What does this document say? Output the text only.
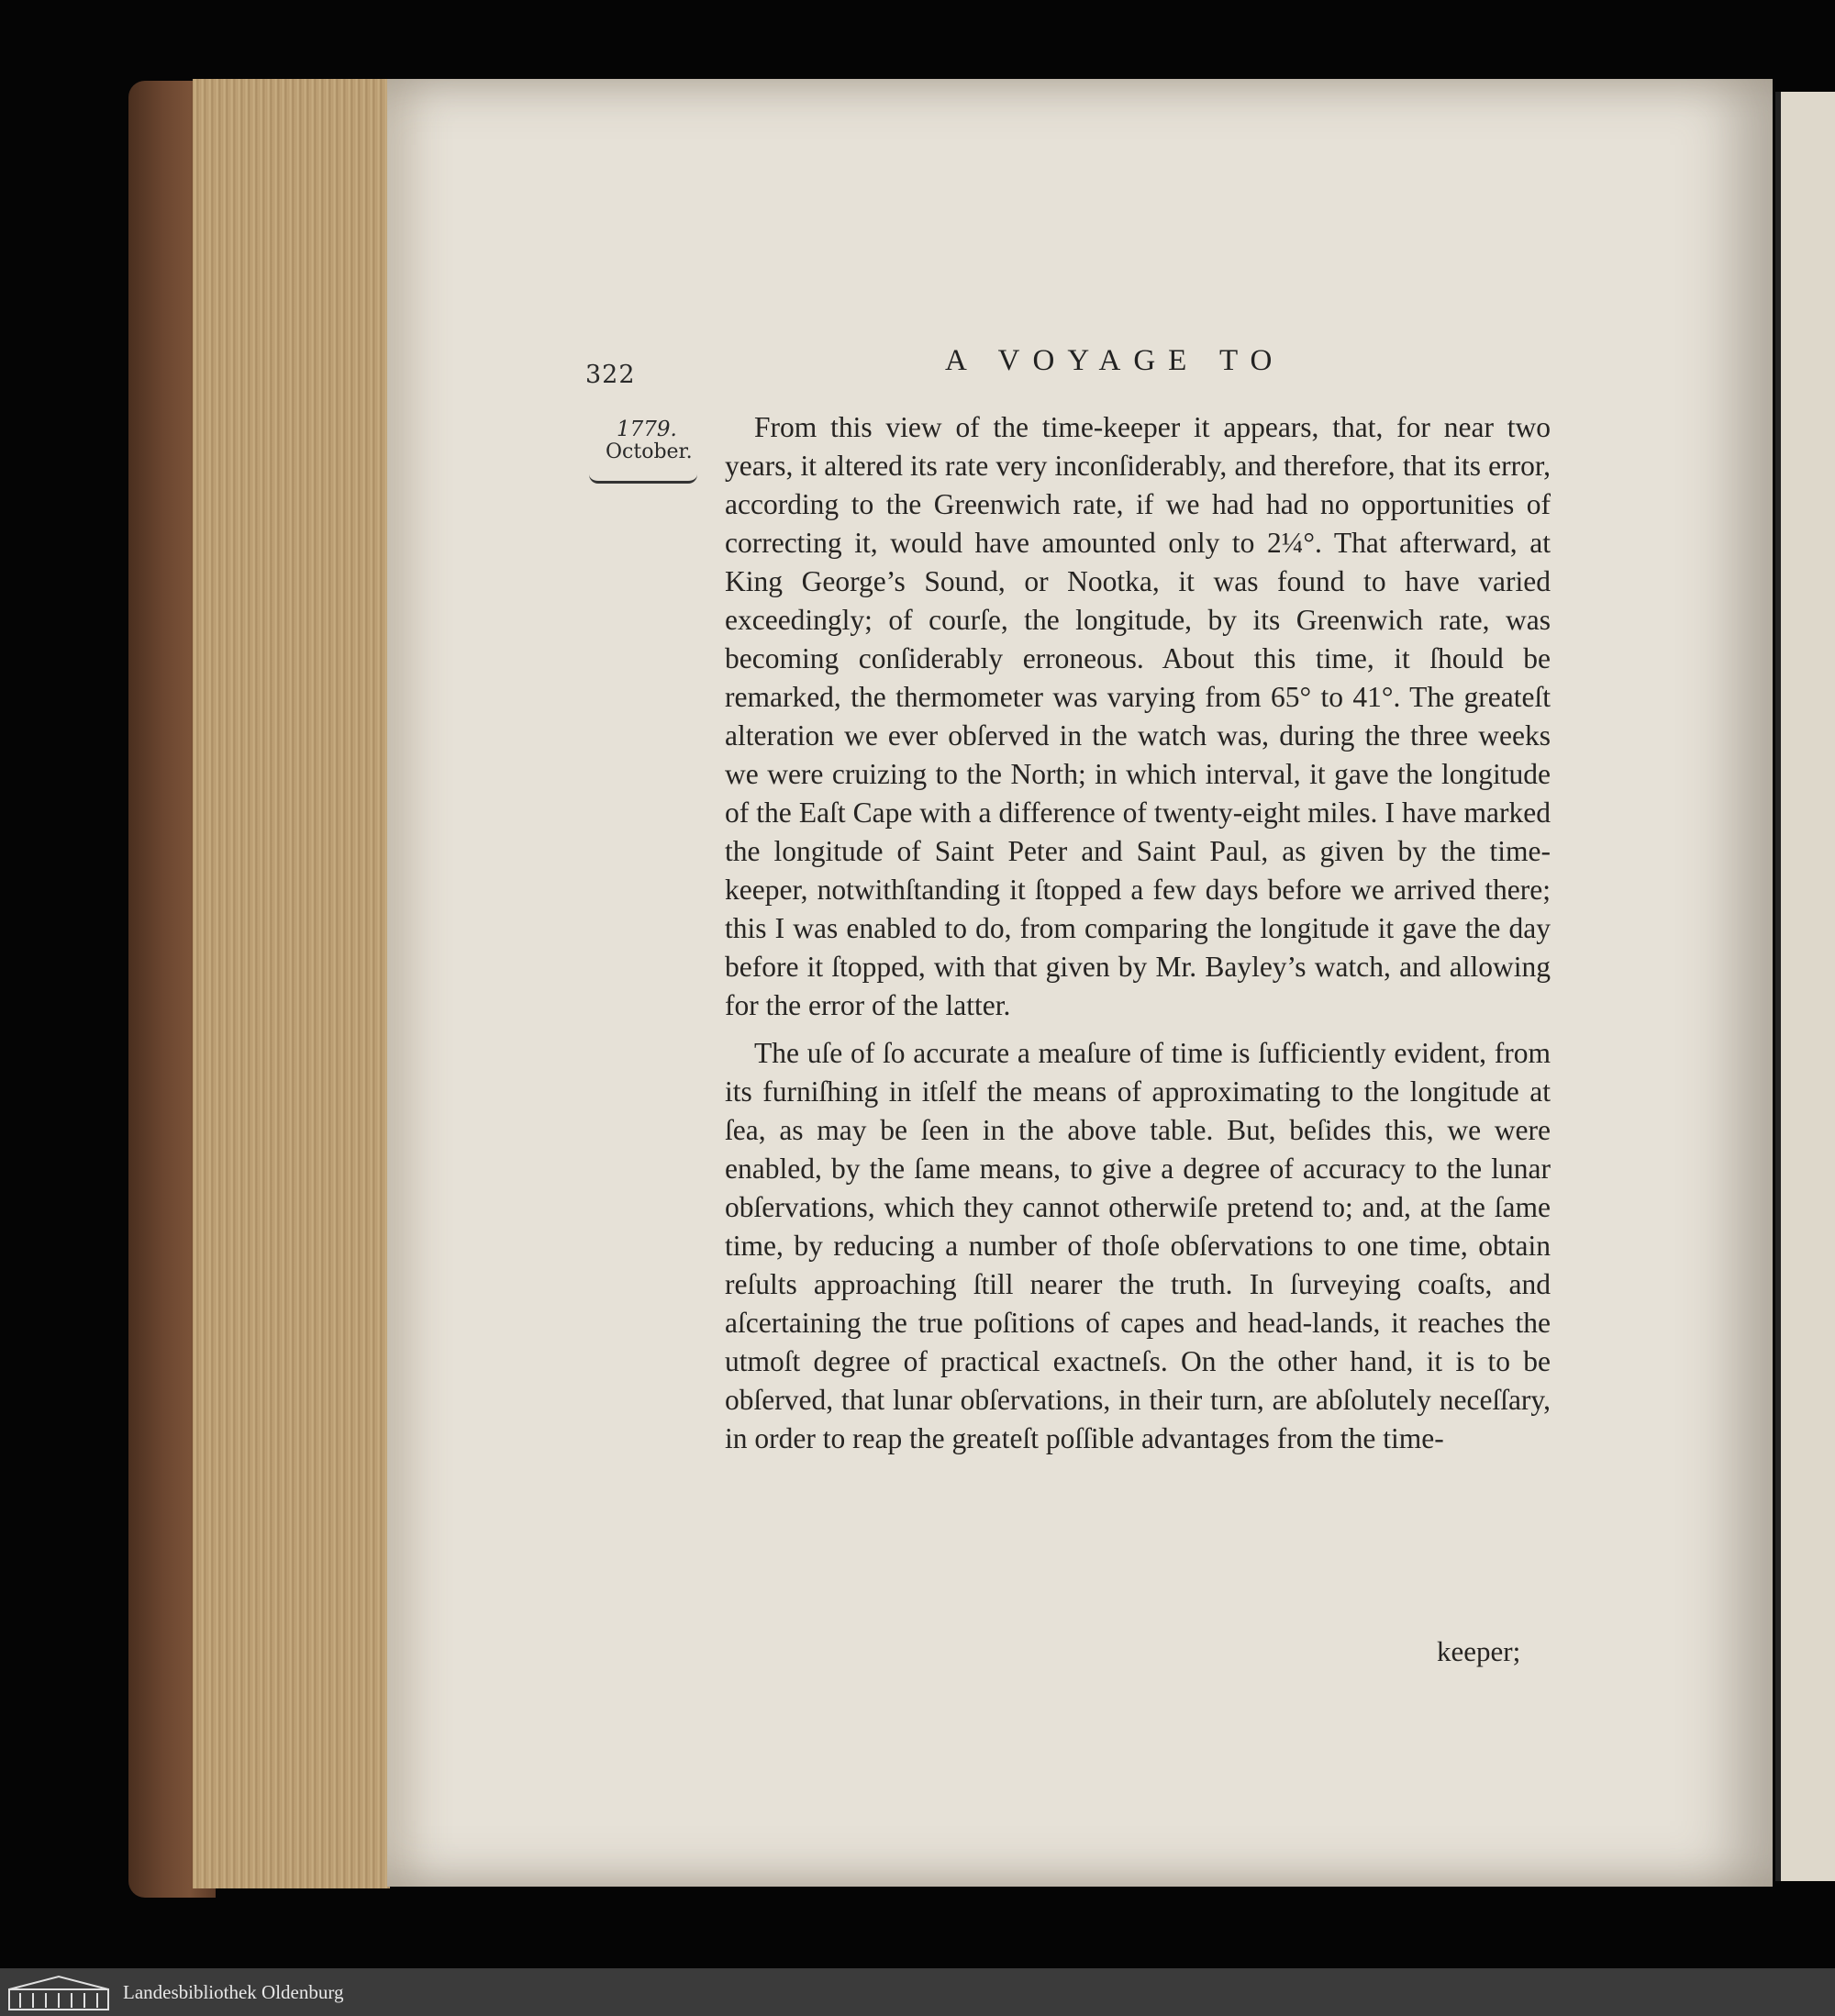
322	A VOYAGE TO
1779.
October.

From this view of the time-keeper it appears, that, for near two years, it altered its rate very inconſiderably, and therefore, that its error, according to the Greenwich rate, if we had had no opportunities of correcting it, would have amounted only to 2¼°. That afterward, at King George’s Sound, or Nootka, it was found to have varied exceedingly; of courſe, the longitude, by its Greenwich rate, was becoming conſiderably erroneous. About this time, it ſhould be remarked, the thermometer was varying from 65° to 41°. The greateſt alteration we ever obſerved in the watch was, during the three weeks we were cruizing to the North; in which interval, it gave the longitude of the Eaſt Cape with a difference of twenty-eight miles. I have marked the longitude of Saint Peter and Saint Paul, as given by the time-keeper, notwithſtanding it ſtopped a few days before we arrived there; this I was enabled to do, from comparing the longitude it gave the day before it ſtopped, with that given by Mr. Bayley’s watch, and allowing for the error of the latter.

The uſe of ſo accurate a meaſure of time is ſufficiently evident, from its furniſhing in itſelf the means of approximating to the longitude at ſea, as may be ſeen in the above table. But, beſides this, we were enabled, by the ſame means, to give a degree of accuracy to the lunar obſervations, which they cannot otherwiſe pretend to; and, at the ſame time, by reducing a number of thoſe obſervations to one time, obtain reſults approaching ſtill nearer the truth. In ſurveying coaſts, and aſcertaining the true poſitions of capes and head-lands, it reaches the utmoſt degree of practical exactneſs. On the other hand, it is to be obſerved, that lunar obſervations, in their turn, are abſolutely neceſſary, in order to reap the greateſt poſſible advantages from the time-

keeper;
Landesbibliothek Oldenburg
